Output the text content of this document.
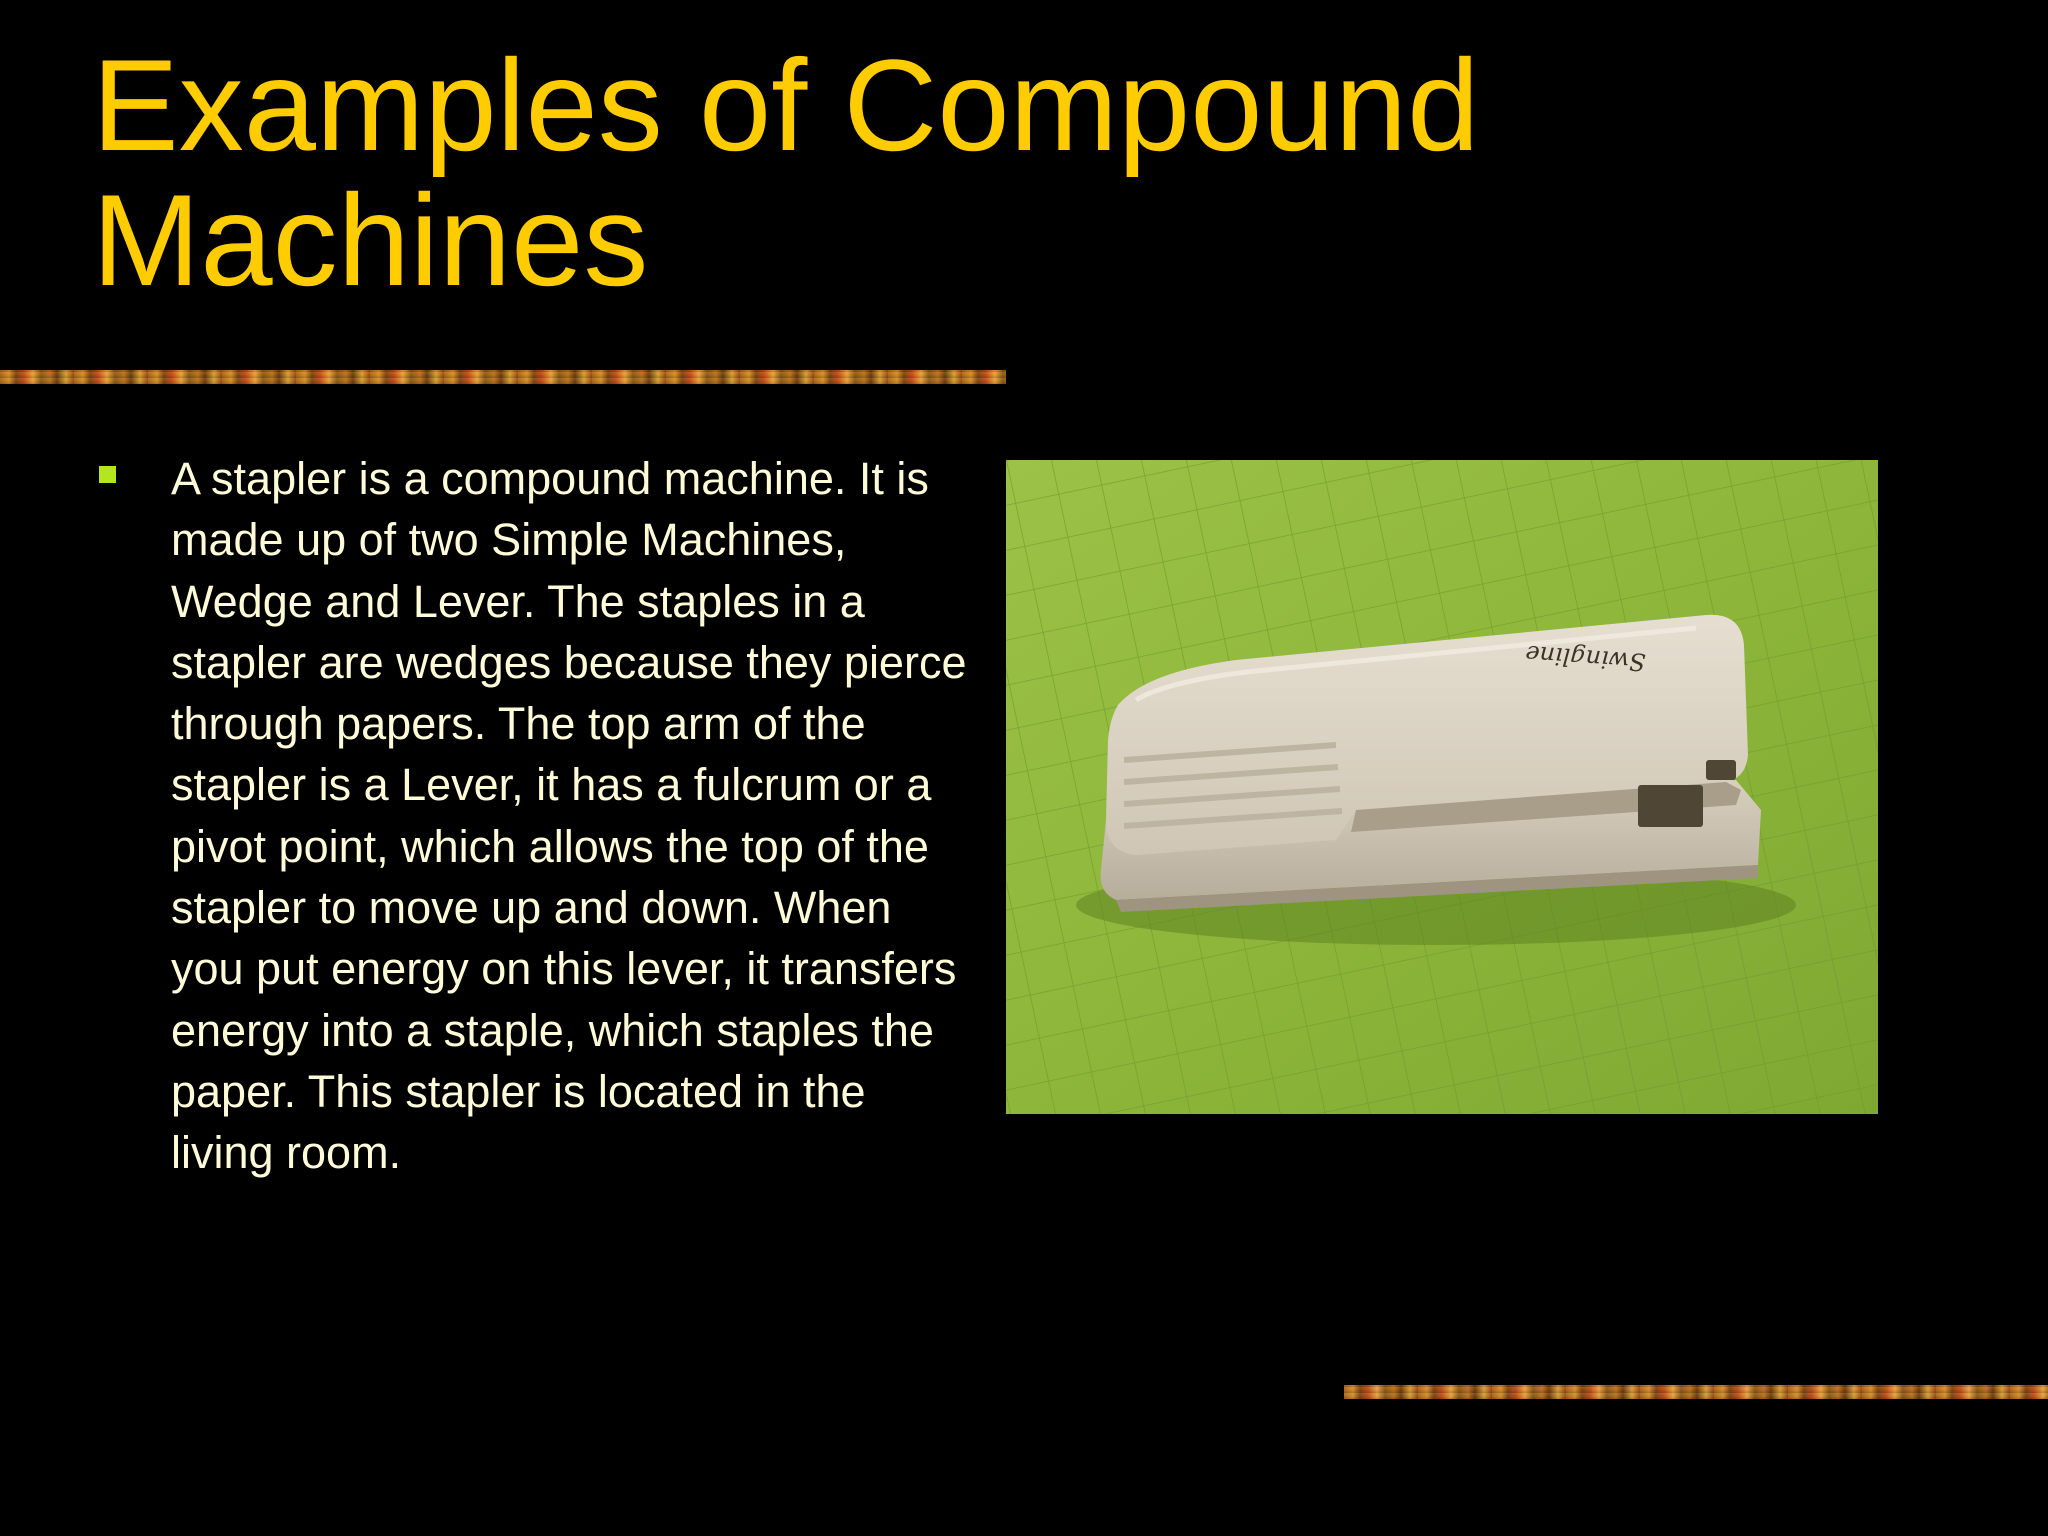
Examples of Compound Machines

A stapler is a compound machine. It is made up of two Simple Machines, Wedge and Lever. The staples in a stapler are wedges because they pierce through papers. The top arm of the stapler is a Lever, it has a fulcrum or a pivot point, which allows the top of the stapler to move up and down. When you put energy on this lever, it transfers energy into a staple, which staples the paper. This stapler is located in the living room.

Swingline
